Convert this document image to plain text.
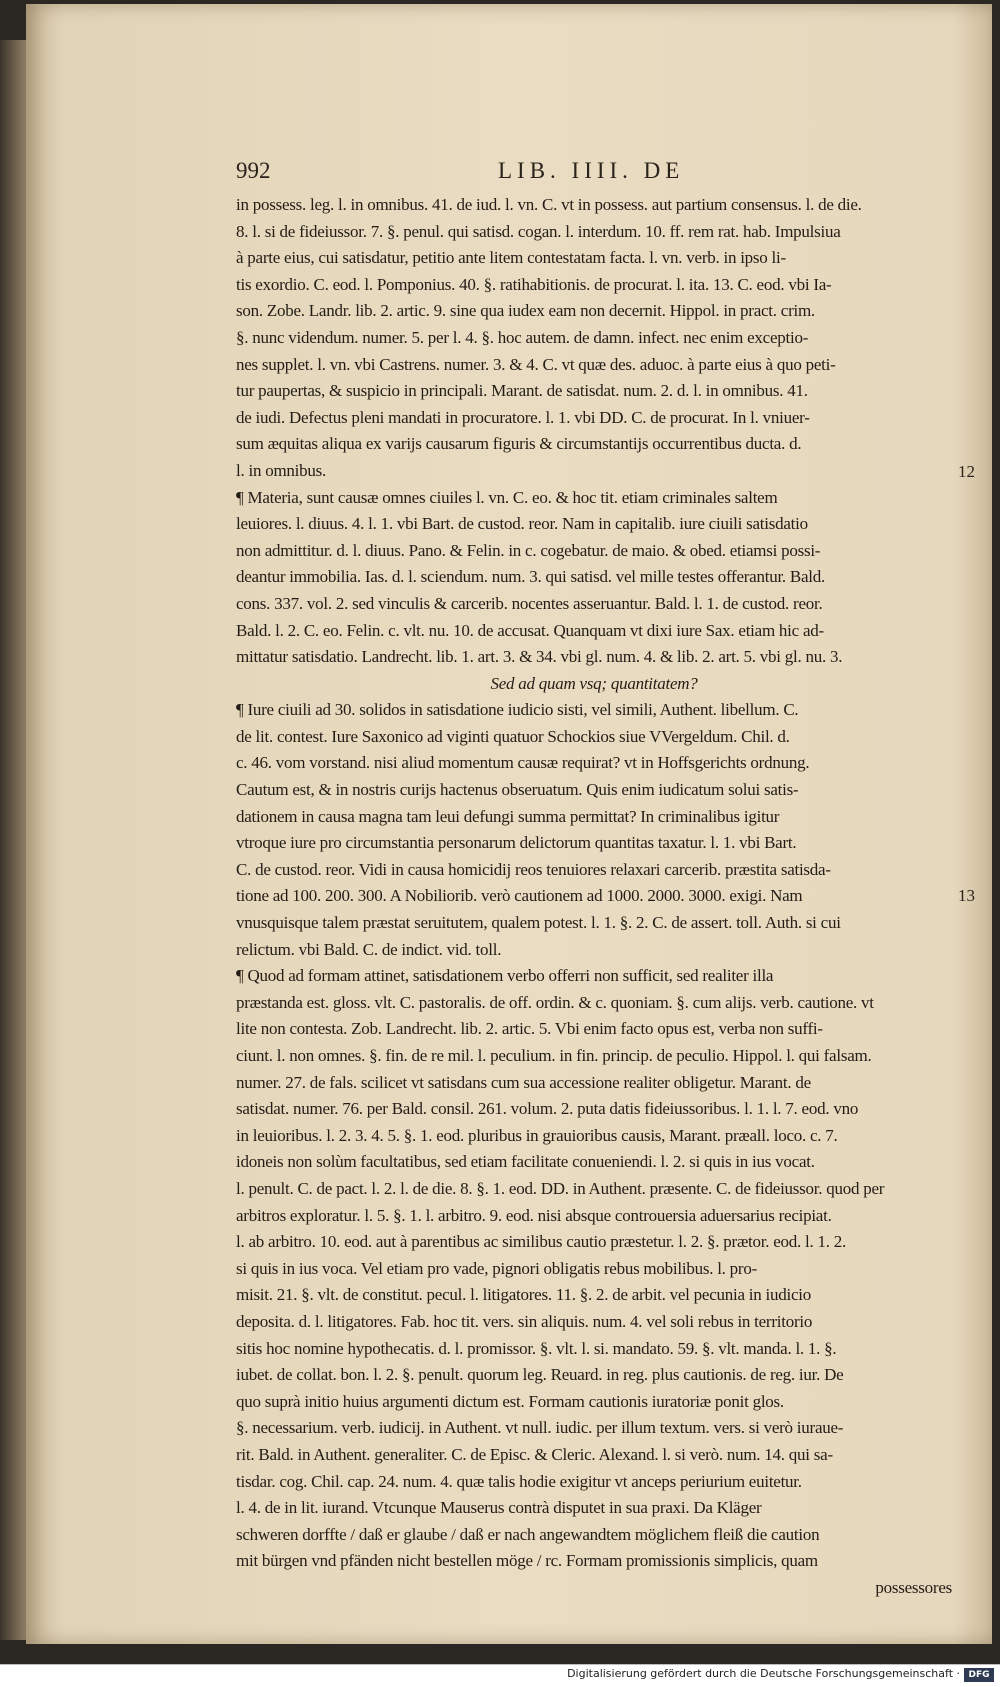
992	LIB. IIII. DE
in possess. leg. l. in omnibus. 41. de iud. l. vn. C. vt in possess. aut partium consensus. l. de die.
8. l. si de fideiussor. 7. §. penul. qui satisd. cogan. l. interdum. 10. ff. rem rat. hab. Impulsiua
à parte eius, cui satisdatur, petitio ante litem contestatam facta. l. vn. verb. in ipso li-
tis exordio. C. eod. l. Pomponius. 40. §. ratihabitionis. de procurat. l. ita. 13. C. eod. vbi Ia-
son. Zobe. Landr. lib. 2. artic. 9. sine qua iudex eam non decernit. Hippol. in pract. crim.
§. nunc videndum. numer. 5. per l. 4. §. hoc autem. de damn. infect. nec enim exceptio-
nes supplet. l. vn. vbi Castrens. numer. 3. & 4. C. vt quæ des. aduoc. à parte eius à quo peti-
tur paupertas, & suspicio in principali. Marant. de satisdat. num. 2. d. l. in omnibus. 41.
de iudi. Defectus pleni mandati in procuratore. l. 1. vbi DD. C. de procurat. In l. vniuer-
sum æquitas aliqua ex varijs causarum figuris & circumstantijs occurrentibus ducta. d.
l. in omnibus.
¶ Materia, sunt causæ omnes ciuiles l. vn. C. eo. & hoc tit. etiam criminales saltem
leuiores. l. diuus. 4. l. 1. vbi Bart. de custod. reor. Nam in capitalib. iure ciuili satisdatio
non admittitur. d. l. diuus. Pano. & Felin. in c. cogebatur. de maio. & obed. etiamsi possi-
deantur immobilia. Ias. d. l. sciendum. num. 3. qui satisd. vel mille testes offerantur. Bald.
cons. 337. vol. 2. sed vinculis & carcerib. nocentes asseruantur. Bald. l. 1. de custod. reor.
Bald. l. 2. C. eo. Felin. c. vlt. nu. 10. de accusat. Quanquam vt dixi iure Sax. etiam hic ad-
mittatur satisdatio. Landrecht. lib. 1. art. 3. & 34. vbi gl. num. 4. & lib. 2. art. 5. vbi gl. nu. 3.
Sed ad quam vsq; quantitatem?
¶ Iure ciuili ad 30. solidos in satisdatione iudicio sisti, vel simili, Authent. libellum. C.
de lit. contest. Iure Saxonico ad viginti quatuor Schockios siue VVergeldum. Chil. d.
c. 46. vom vorstand. nisi aliud momentum causæ requirat? vt in Hoffsgerichts ordnung.
Cautum est, & in nostris curijs hactenus obseruatum. Quis enim iudicatum solui satis-
dationem in causa magna tam leui defungi summa permittat? In criminalibus igitur
vtroque iure pro circumstantia personarum delictorum quantitas taxatur. l. 1. vbi Bart.
C. de custod. reor. Vidi in causa homicidij reos tenuiores relaxari carcerib. præstita satisda-
tione ad 100. 200. 300. A Nobiliorib. verò cautionem ad 1000. 2000. 3000. exigi. Nam
vnusquisque talem præstat seruitutem, qualem potest. l. 1. §. 2. C. de assert. toll. Auth. si cui
relictum. vbi Bald. C. de indict. vid. toll.
¶ Quod ad formam attinet, satisdationem verbo offerri non sufficit, sed realiter illa
præstanda est. gloss. vlt. C. pastoralis. de off. ordin. & c. quoniam. §. cum alijs. verb. cautione. vt
lite non contesta. Zob. Landrecht. lib. 2. artic. 5. Vbi enim facto opus est, verba non suffi-
ciunt. l. non omnes. §. fin. de re mil. l. peculium. in fin. princip. de peculio. Hippol. l. qui falsam.
numer. 27. de fals. scilicet vt satisdans cum sua accessione realiter obligetur. Marant. de
satisdat. numer. 76. per Bald. consil. 261. volum. 2. puta datis fideiussoribus. l. 1. l. 7. eod. vno
in leuioribus. l. 2. 3. 4. 5. §. 1. eod. pluribus in grauioribus causis, Marant. præall. loco. c. 7.
idoneis non solùm facultatibus, sed etiam facilitate conueniendi. l. 2. si quis in ius vocat.
l. penult. C. de pact. l. 2. l. de die. 8. §. 1. eod. DD. in Authent. præsente. C. de fideiussor. quod per
arbitros exploratur. l. 5. §. 1. l. arbitro. 9. eod. nisi absque controuersia aduersarius recipiat.
l. ab arbitro. 10. eod. aut à parentibus ac similibus cautio præstetur. l. 2. §. prætor. eod. l. 1. 2.
si quis in ius voca. Vel etiam pro vade, pignori obligatis rebus mobilibus. l. pro-
misit. 21. §. vlt. de constitut. pecul. l. litigatores. 11. §. 2. de arbit. vel pecunia in iudicio
deposita. d. l. litigatores. Fab. hoc tit. vers. sin aliquis. num. 4. vel soli rebus in territorio
sitis hoc nomine hypothecatis. d. l. promissor. §. vlt. l. si. mandato. 59. §. vlt. manda. l. 1. §.
iubet. de collat. bon. l. 2. §. penult. quorum leg. Reuard. in reg. plus cautionis. de reg. iur. De
quo suprà initio huius argumenti dictum est. Formam cautionis iuratoriæ ponit glos.
§. necessarium. verb. iudicij. in Authent. vt null. iudic. per illum textum. vers. si verò iuraue-
rit. Bald. in Authent. generaliter. C. de Episc. & Cleric. Alexand. l. si verò. num. 14. qui sa-
tisdar. cog. Chil. cap. 24. num. 4. quæ talis hodie exigitur vt anceps periurium euitetur.
l. 4. de in lit. iurand. Vtcunque Mauserus contrà disputet in sua praxi. Da Kläger
schweren dorffte / daß er glaube / daß er nach angewandtem möglichem fleiß die caution
mit bürgen vnd pfänden nicht bestellen möge / rc. Formam promissionis simplicis, quam
possessores
12
13
Digitalisierung gefördert durch die Deutsche Forschungsgemeinschaft · DFG
